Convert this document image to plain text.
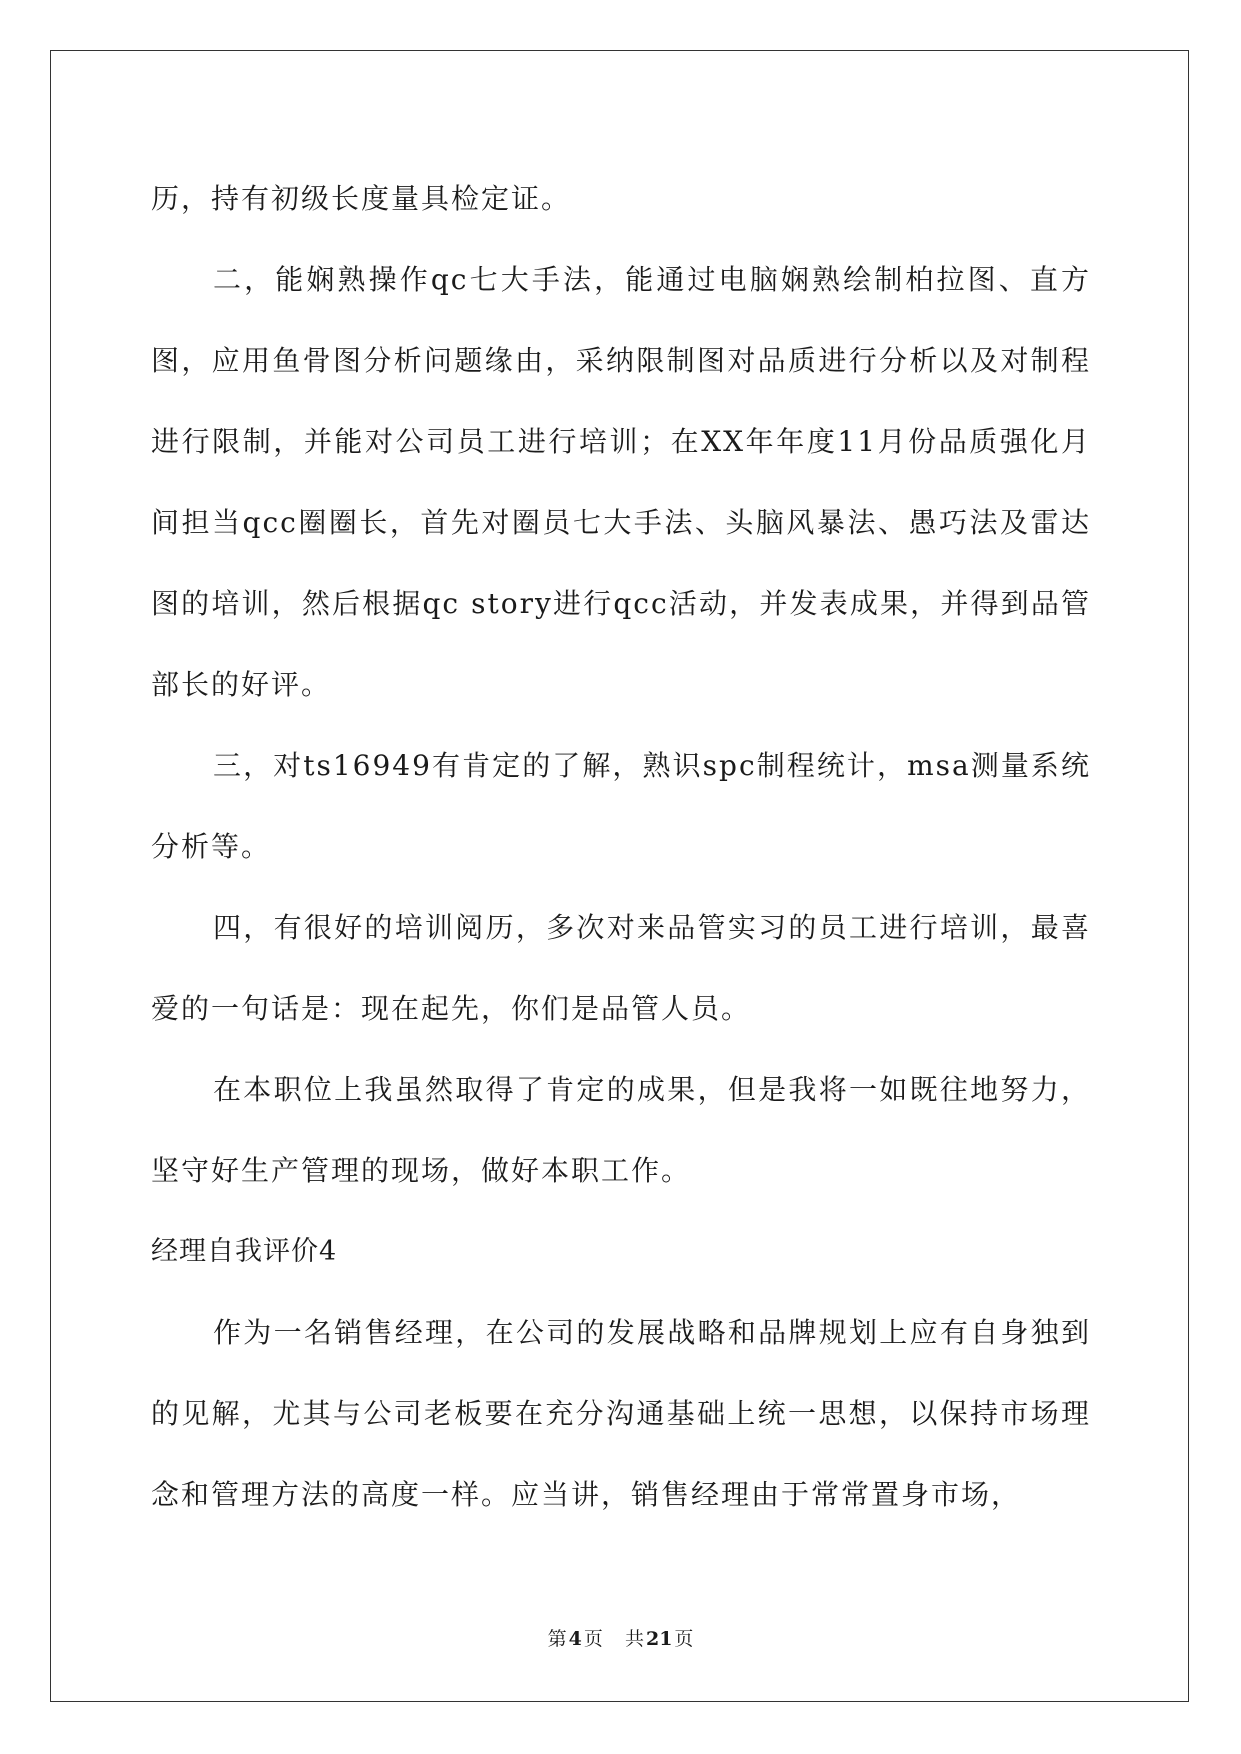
历，持有初级长度量具检定证。

二，能娴熟操作qc七大手法，能通过电脑娴熟绘制柏拉图、直方图，应用鱼骨图分析问题缘由，采纳限制图对品质进行分析以及对制程进行限制，并能对公司员工进行培训；在XX年年度11月份品质强化月间担当qcc圈圈长，首先对圈员七大手法、头脑风暴法、愚巧法及雷达图的培训，然后根据qc story进行qcc活动，并发表成果，并得到品管部长的好评。

三，对ts16949有肯定的了解，熟识spc制程统计，msa测量系统分析等。

四，有很好的培训阅历，多次对来品管实习的员工进行培训，最喜爱的一句话是：现在起先，你们是品管人员。

在本职位上我虽然取得了肯定的成果，但是我将一如既往地努力，坚守好生产管理的现场，做好本职工作。

经理自我评价4

作为一名销售经理，在公司的发展战略和品牌规划上应有自身独到的见解，尤其与公司老板要在充分沟通基础上统一思想，以保持市场理念和管理方法的高度一样。应当讲，销售经理由于常常置身市场，

第 4 页 共 21 页
